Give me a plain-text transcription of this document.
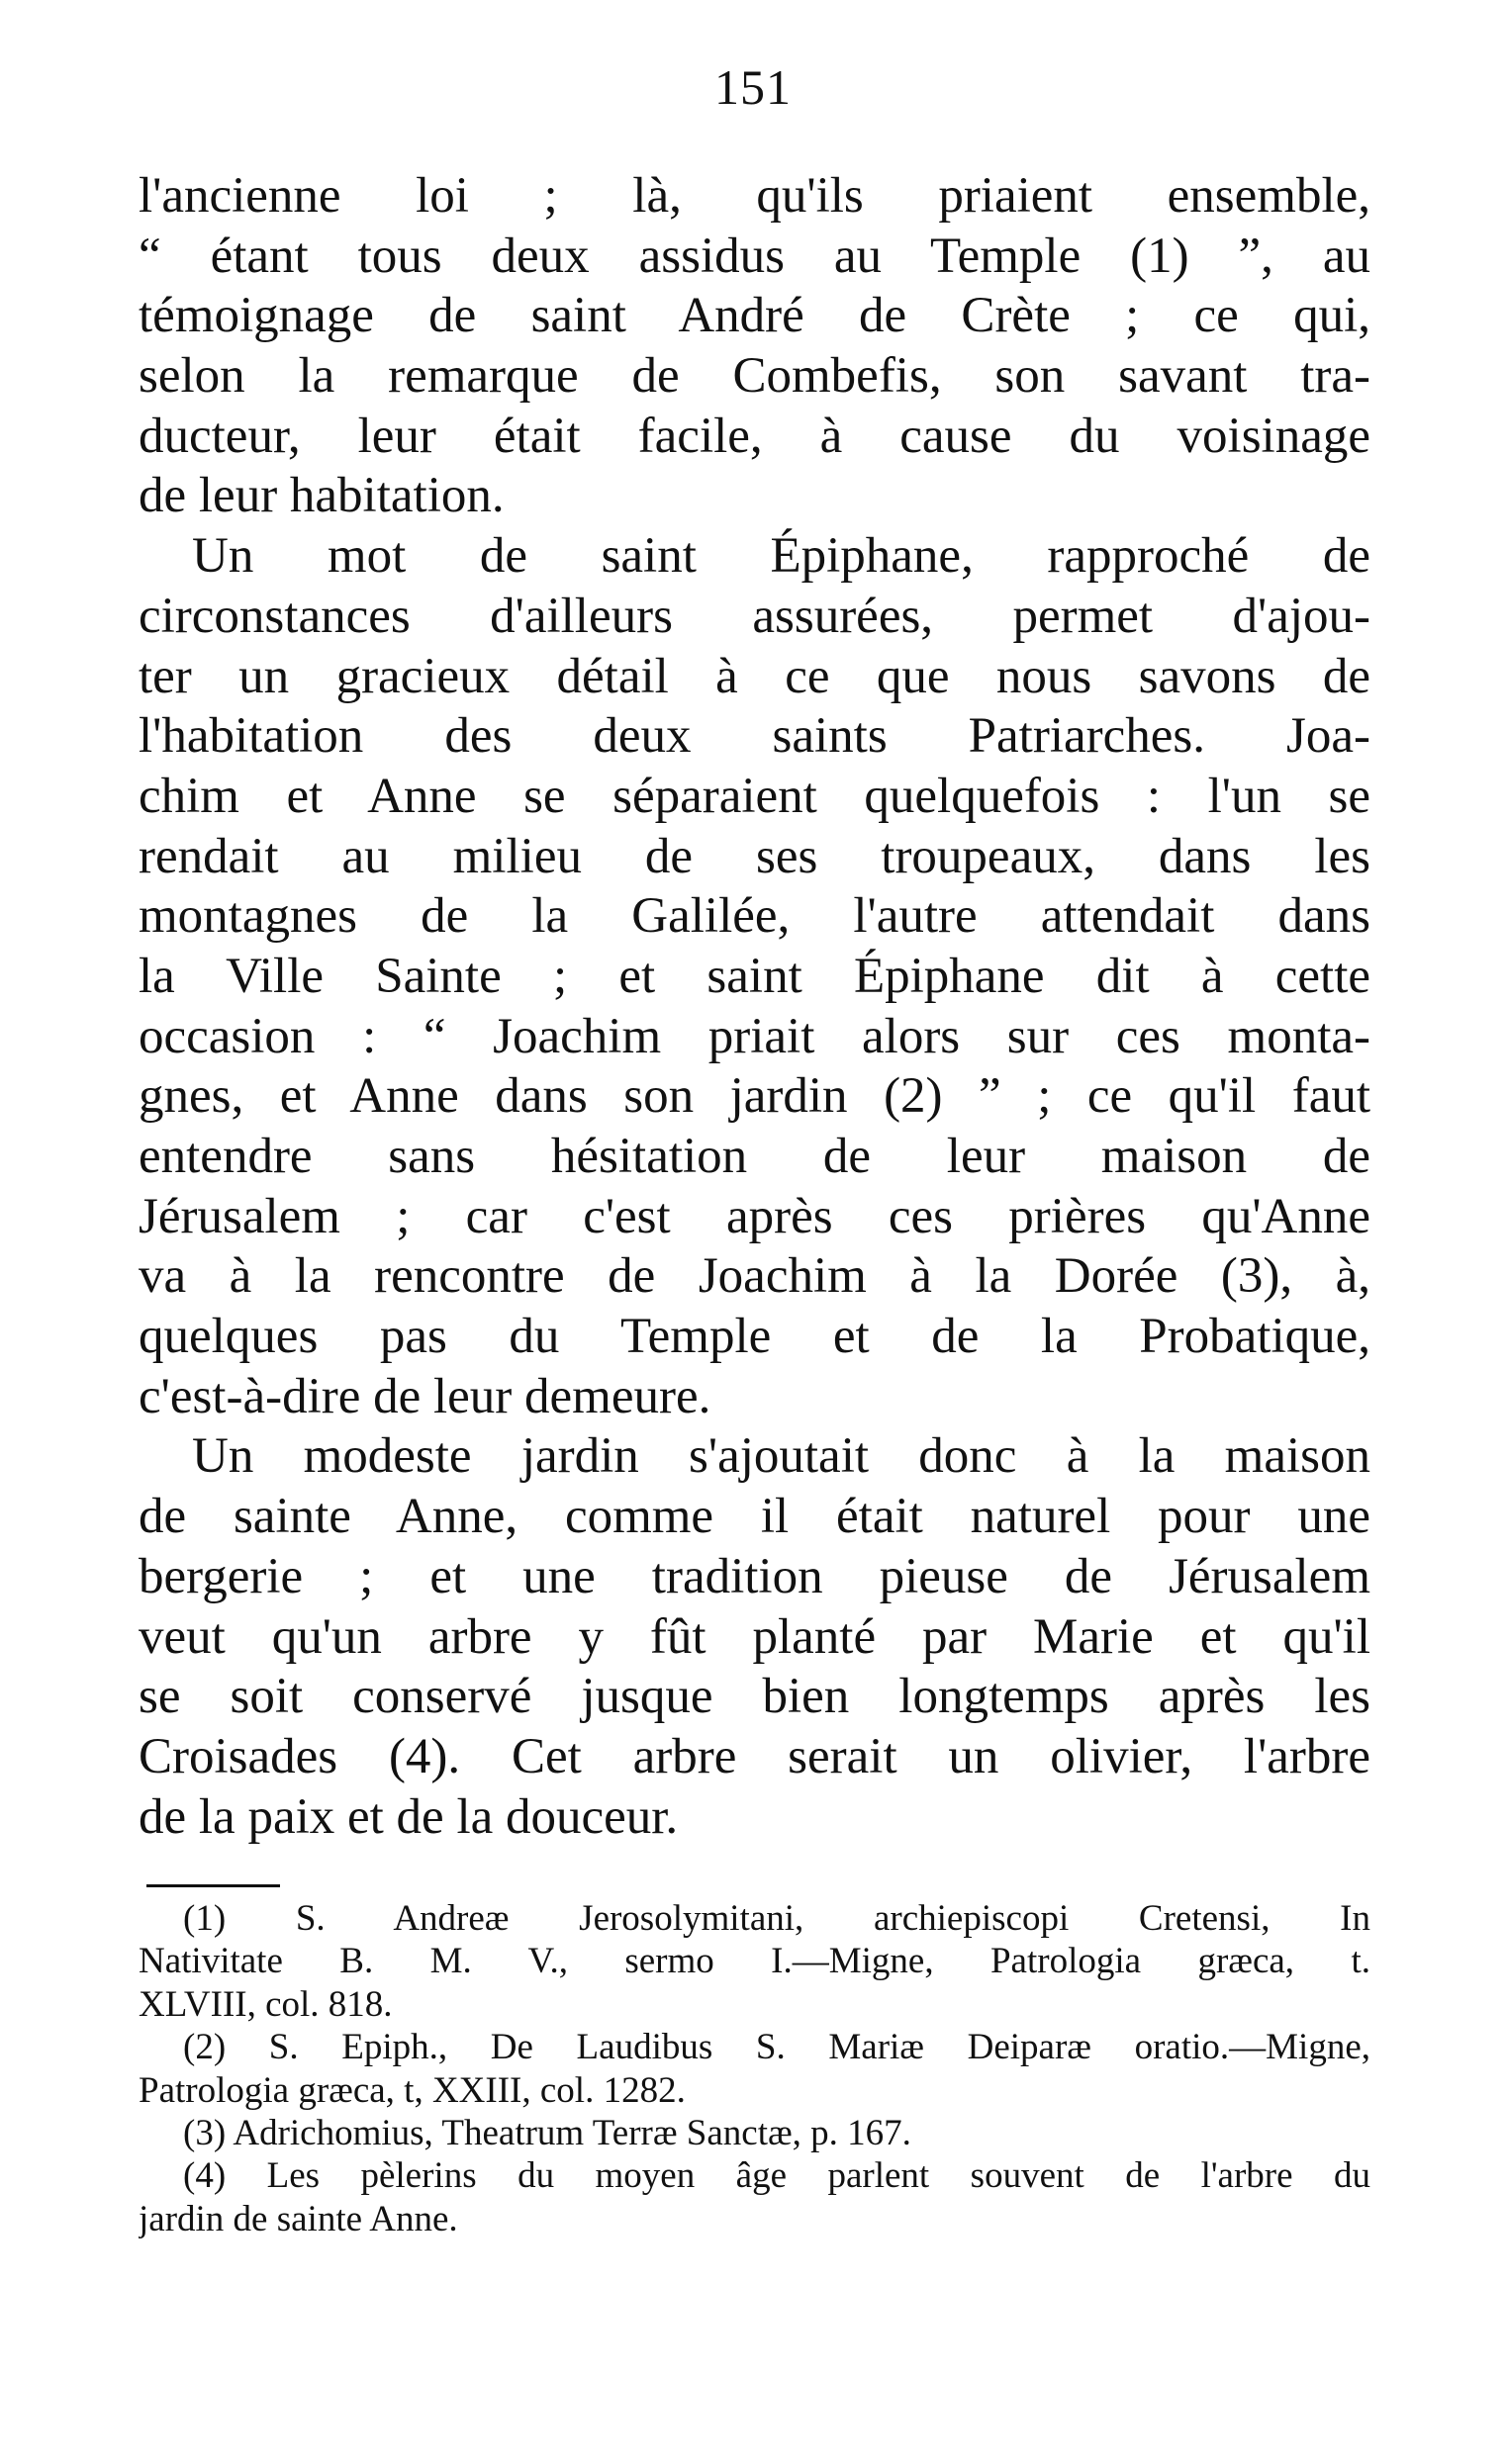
151
l'ancienne loi ; là, qu'ils priaient ensemble,
“ étant tous deux assidus au Temple (1) ”, au
témoignage de saint André de Crète ; ce qui,
selon la remarque de Combefis, son savant tra-
ducteur, leur était facile, à cause du voisinage
de leur habitation.
Un mot de saint Épiphane, rapproché de
circonstances d'ailleurs assurées, permet d'ajou-
ter un gracieux détail à ce que nous savons de
l'habitation des deux saints Patriarches. Joa-
chim et Anne se séparaient quelquefois : l'un se
rendait au milieu de ses troupeaux, dans les
montagnes de la Galilée, l'autre attendait dans
la Ville Sainte ; et saint Épiphane dit à cette
occasion : “ Joachim priait alors sur ces monta-
gnes, et Anne dans son jardin (2) ” ; ce qu'il faut
entendre sans hésitation de leur maison de
Jérusalem ; car c'est après ces prières qu'Anne
va à la rencontre de Joachim à la Dorée (3), à,
quelques pas du Temple et de la Probatique,
c'est-à-dire de leur demeure.
Un modeste jardin s'ajoutait donc à la maison
de sainte Anne, comme il était naturel pour une
bergerie ; et une tradition pieuse de Jérusalem
veut qu'un arbre y fût planté par Marie et qu'il
se soit conservé jusque bien longtemps après les
Croisades (4). Cet arbre serait un olivier, l'arbre
de la paix et de la douceur.
(1) S. Andreæ Jerosolymitani, archiepiscopi Cretensi, In
Nativitate B. M. V., sermo I.—Migne, Patrologia græca, t.
XLVIII, col. 818.
(2) S. Epiph., De Laudibus S. Mariæ Deiparæ oratio.—Migne,
Patrologia græca, t, XXIII, col. 1282.
(3) Adrichomius, Theatrum Terræ Sanctæ, p. 167.
(4) Les pèlerins du moyen âge parlent souvent de l'arbre du
jardin de sainte Anne.
